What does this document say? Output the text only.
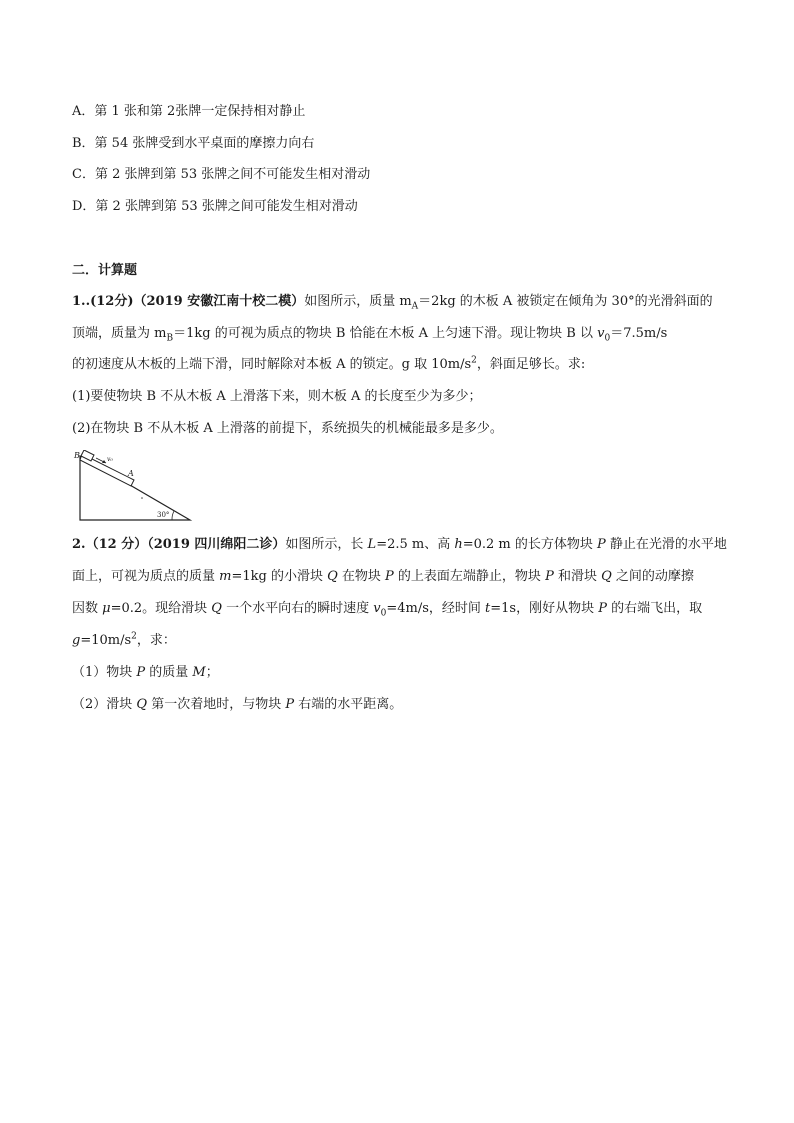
A．第 1 张和第 2张牌一定保持相对静止
B．第 54 张牌受到水平桌面的摩擦力向右
C．第 2 张牌到第 53 张牌之间不可能发生相对滑动
D．第 2 张牌到第 53 张牌之间可能发生相对滑动
二．计算题
1..(12分)（2019 安徽江南十校二模）如图所示，质量 $m_A=2kg$ 的木板 A 被锁定在倾角为 30°的光滑斜面的
顶端，质量为 $m_B=1kg$ 的可视为质点的物块 B 恰能在木板 A 上匀速下滑。现让物块 B 以 $v_0=7.5m/s$
的初速度从木板的上端下滑，同时解除对本板 A 的锁定。g 取 $10m/s^2$，斜面足够长。求:
(1)要使物块 B 不从木板 A 上滑落下来，则木板 A 的长度至少为多少；
(2)在物块 B 不从木板 A 上滑落的前提下，系统损失的机械能最多是多少。
B	v₀
A
30°
2.（12 分）（2019 四川绵阳二诊）如图所示，长 L=2.5 m、高 h=0.2 m 的长方体物块 P 静止在光滑的水平地
面上，可视为质点的质量 m=1kg 的小滑块 Q 在物块 P 的上表面左端静止，物块 P 和滑块 Q 之间的动摩擦
因数 μ=0.2。现给滑块 Q 一个水平向右的瞬时速度 $v_0=4m/s$，经时间 t=1s，刚好从物块 P 的右端飞出，取
$g=10m/s^2$，求：
（1）物块 P 的质量 M；
（2）滑块 Q 第一次着地时，与物块 P 右端的水平距离。
